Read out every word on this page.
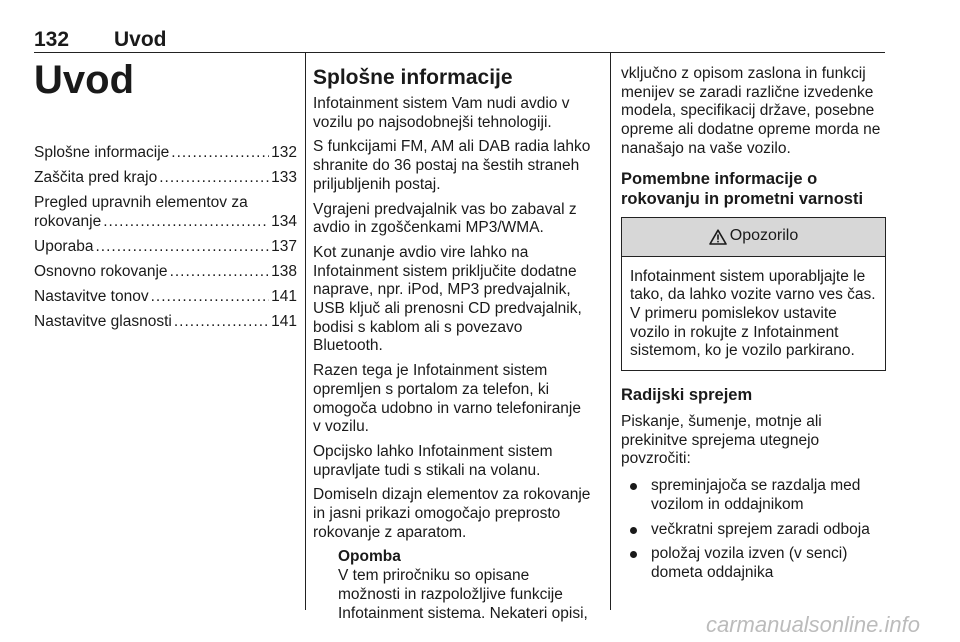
132 Uvod
Uvod
Splošne informacije .....	132
Zaščita pred krajo .....	133
Pregled upravnih elementov za
rokovanje .....	134
Uporaba .....	137
Osnovno rokovanje .....	138
Nastavitve tonov .....	141
Nastavitve glasnosti .....	141
Splošne informacije

Infotainment sistem Vam nudi avdio v vozilu po najsodobnejši tehnologiji.

S funkcijami FM, AM ali DAB radia lahko shranite do 36 postaj na šestih straneh priljubljenih postaj.

Vgrajeni predvajalnik vas bo zabaval z avdio in zgoščenkami MP3/WMA.

Kot zunanje avdio vire lahko na Infotainment sistem priključite dodatne naprave, npr. iPod, MP3 predvajalnik, USB ključ ali prenosni CD predvajalnik, bodisi s kablom ali s povezavo Bluetooth.

Razen tega je Infotainment sistem opremljen s portalom za telefon, ki omogoča udobno in varno telefoniranje v vozilu.

Opcijsko lahko Infotainment sistem upravljate tudi s stikali na volanu.

Domiseln dizajn elementov za rokovanje in jasni prikazi omogočajo preprosto rokovanje z aparatom.

Opomba
V tem priročniku so opisane možnosti in razpoložljive funkcije Infotainment sistema. Nekateri opisi,

vključno z opisom zaslona in funkcij menijev se zaradi različne izvedenke modela, specifikacij države, posebne opreme ali dodatne opreme morda ne nanašajo na vaše vozilo.

Pomembne informacije o rokovanju in prometni varnosti
Opozorilo
Infotainment sistem uporabljajte le tako, da lahko vozite varno ves čas. V primeru pomislekov ustavite vozilo in rokujte z Infotainment sistemom, ko je vozilo parkirano.
Radijski sprejem

Piskanje, šumenje, motnje ali prekinitve sprejema utegnejo povzročiti:

spreminjajoča se razdalja med vozilom in oddajnikom
večkratni sprejem zaradi odboja
položaj vozila izven (v senci) dometa oddajnika
carmanualsonline.info
